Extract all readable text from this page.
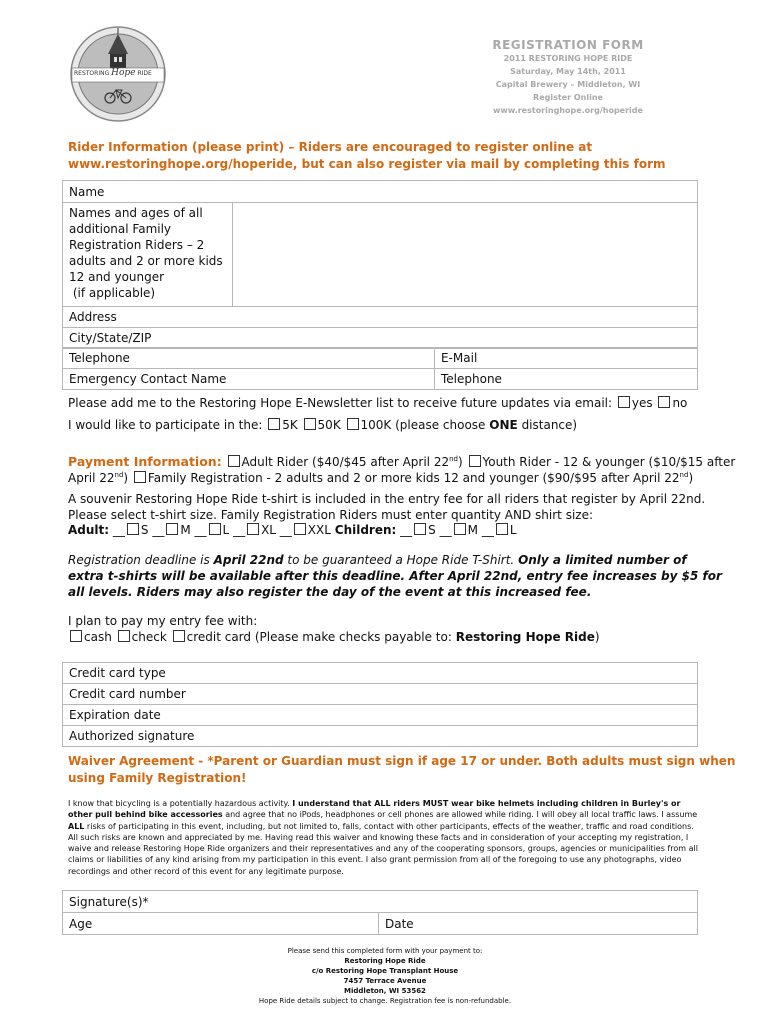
RESTORING Hope RIDE
REGISTRATION FORM
2011 RESTORING HOPE RIDE
Saturday, May 14th, 2011
Capital Brewery – Middleton, WI
Register Online
www.restoringhope.org/hoperide
Rider Information (please print) – Riders are encouraged to register online at
www.restoringhope.org/hoperide, but can also register via mail by completing this form
Name

Names and ages of all
additional Family
Registration Riders – 2
adults and 2 or more kids
12 and younger
(if applicable)

Address
City/State/ZIP
Telephone	E-Mail
Emergency Contact Name	Telephone
Please add me to the Restoring Hope E-Newsletter list to receive future updates via email: yes no
I would like to participate in the: 5K 50K 100K (please choose ONE distance)
Payment Information: Adult Rider ($40/$45 after April 22nd) Youth Rider - 12 & younger ($10/$15 after
April 22nd) Family Registration - 2 adults and 2 or more kids 12 and younger ($90/$95 after April 22nd)
A souvenir Restoring Hope Ride t-shirt is included in the entry fee for all riders that register by April 22nd.
Please select t-shirt size. Family Registration Riders must enter quantity AND shirt size:
Adult: __ S __ M __ L __ XL __ XXL Children: __ S __ M __ L
Registration deadline is April 22nd to be guaranteed a Hope Ride T-Shirt. Only a limited number of
extra t-shirts will be available after this deadline. After April 22nd, entry fee increases by $5 for
all levels. Riders may also register the day of the event at this increased fee.
I plan to pay my entry fee with:
cash check credit card (Please make checks payable to: Restoring Hope Ride)
Credit card type
Credit card number
Expiration date
Authorized signature
Waiver Agreement - *Parent or Guardian must sign if age 17 or under. Both adults must sign when
using Family Registration!
I know that bicycling is a potentially hazardous activity. I understand that ALL riders MUST wear bike helmets including children in Burley's or other pull behind bike accessories and agree that no iPods, headphones or cell phones are allowed while riding. I will obey all local traffic laws. I assume ALL risks of participating in this event, including, but not limited to, falls, contact with other participants, effects of the weather, traffic and road conditions. All such risks are known and appreciated by me. Having read this waiver and knowing these facts and in consideration of your accepting my registration, I waive and release Restoring Hope Ride organizers and their representatives and any of the cooperating sponsors, groups, agencies or municipalities from all claims or liabilities of any kind arising from my participation in this event. I also grant permission from all of the foregoing to use any photographs, video recordings and other record of this event for any legitimate purpose.
Signature(s)*
Age	Date
Please send this completed form with your payment to:
Restoring Hope Ride
c/o Restoring Hope Transplant House
7457 Terrace Avenue
Middleton, WI 53562
Hope Ride details subject to change. Registration fee is non-refundable.
